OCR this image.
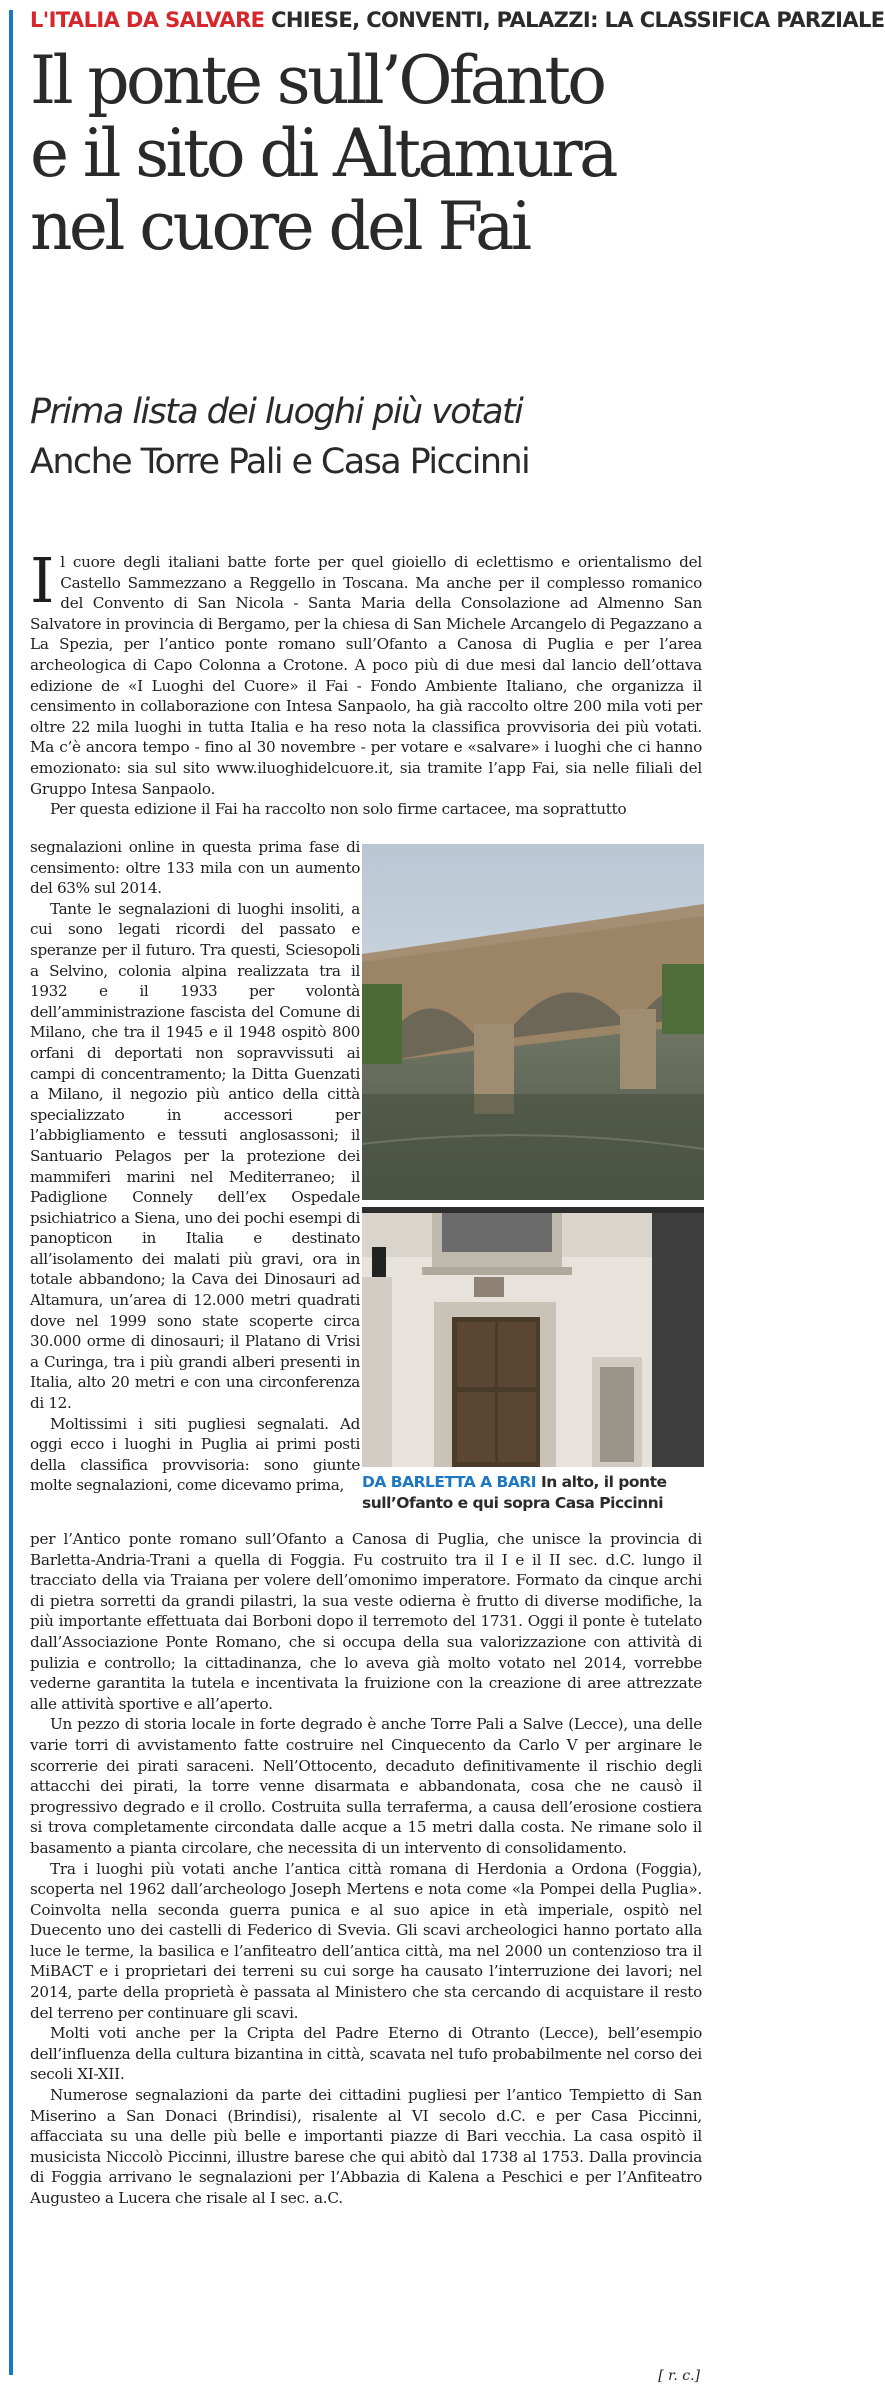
L'ITALIA DA SALVARE CHIESE, CONVENTI, PALAZZI: LA CLASSIFICA PARZIALE
Il ponte sull’Ofanto
e il sito di Altamura
nel cuore del Fai
Prima lista dei luoghi più votati
Anche Torre Pali e Casa Piccinni

Il cuore degli italiani batte forte per quel gioiello di eclettismo e orientalismo del Castello Sammezzano a Reggello in Toscana. Ma anche per il complesso romanico del Convento di San Nicola - Santa Maria della Consolazione ad Almenno San Salvatore in provincia di Bergamo, per la chiesa di San Michele Arcangelo di Pegazzano a La Spezia, per l’antico ponte romano sull’Ofanto a Canosa di Puglia e per l’area archeologica di Capo Colonna a Crotone. A poco più di due mesi dal lancio dell’ottava edizione de «I Luoghi del Cuore» il Fai - Fondo Ambiente Italiano, che organizza il censimento in collaborazione con Intesa Sanpaolo, ha già raccolto oltre 200 mila voti per oltre 22 mila luoghi in tutta Italia e ha reso nota la classifica provvisoria dei più votati. Ma c’è ancora tempo - fino al 30 novembre - per votare e «salvare» i luoghi che ci hanno emozionato: sia sul sito www.iluoghidelcuore.it, sia tramite l’app Fai, sia nelle filiali del Gruppo Intesa Sanpaolo.

Per questa edizione il Fai ha raccolto non solo firme cartacee, ma soprattutto

segnalazioni online in questa prima fase di censimento: oltre 133 mila con un aumento del 63% sul 2014.

Tante le segnalazioni di luoghi insoliti, a cui sono legati ricordi del passato e speranze per il futuro. Tra questi, Sciesopoli a Selvino, colonia alpina realizzata tra il 1932 e il 1933 per volontà dell’amministrazione fascista del Comune di Milano, che tra il 1945 e il 1948 ospitò 800 orfani di deportati non sopravvissuti ai campi di concentramento; la Ditta Guenzati a Milano, il negozio più antico della città specializzato in accessori per l’abbigliamento e tessuti anglosassoni; il Santuario Pelagos per la protezione dei mammiferi marini nel Mediterraneo; il Padiglione Connely dell’ex Ospedale psichiatrico a Siena, uno dei pochi esempi di panopticon in Italia e destinato all’isolamento dei malati più gravi, ora in totale abbandono; la Cava dei Dinosauri ad Altamura, un’area di 12.000 metri quadrati dove nel 1999 sono state scoperte circa 30.000 orme di dinosauri; il Platano di Vrisi a Curinga, tra i più grandi alberi presenti in Italia, alto 20 metri e con una circonferenza di 12.

Moltissimi i siti pugliesi segnalati. Ad oggi ecco i luoghi in Puglia ai primi posti della classifica provvisoria: sono giunte molte segnalazioni, come dicevamo prima,	DA BARLETTA A BARI In alto, il ponte sull’Ofanto e qui sopra Casa Piccinni

per l’Antico ponte romano sull’Ofanto a Canosa di Puglia, che unisce la provincia di Barletta-Andria-Trani a quella di Foggia. Fu costruito tra il I e il II sec. d.C. lungo il tracciato della via Traiana per volere dell’omonimo imperatore. Formato da cinque archi di pietra sorretti da grandi pilastri, la sua veste odierna è frutto di diverse modifiche, la più importante effettuata dai Borboni dopo il terremoto del 1731. Oggi il ponte è tutelato dall’Associazione Ponte Romano, che si occupa della sua valorizzazione con attività di pulizia e controllo; la cittadinanza, che lo aveva già molto votato nel 2014, vorrebbe vederne garantita la tutela e incentivata la fruizione con la creazione di aree attrezzate alle attività sportive e all’aperto.

Un pezzo di storia locale in forte degrado è anche Torre Pali a Salve (Lecce), una delle varie torri di avvistamento fatte costruire nel Cinquecento da Carlo V per arginare le scorrerie dei pirati saraceni. Nell’Ottocento, decaduto definitivamente il rischio degli attacchi dei pirati, la torre venne disarmata e abbandonata, cosa che ne causò il progressivo degrado e il crollo. Costruita sulla terraferma, a causa dell’erosione costiera si trova completamente circondata dalle acque a 15 metri dalla costa. Ne rimane solo il basamento a pianta circolare, che necessita di un intervento di consolidamento.

Tra i luoghi più votati anche l’antica città romana di Herdonia a Ordona (Foggia), scoperta nel 1962 dall’archeologo Joseph Mertens e nota come «la Pompei della Puglia». Coinvolta nella seconda guerra punica e al suo apice in età imperiale, ospitò nel Duecento uno dei castelli di Federico di Svevia. Gli scavi archeologici hanno portato alla luce le terme, la basilica e l’anfiteatro dell’antica città, ma nel 2000 un contenzioso tra il MiBACT e i proprietari dei terreni su cui sorge ha causato l’interruzione dei lavori; nel 2014, parte della proprietà è passata al Ministero che sta cercando di acquistare il resto del terreno per continuare gli scavi.

Molti voti anche per la Cripta del Padre Eterno di Otranto (Lecce), bell’esempio dell’influenza della cultura bizantina in città, scavata nel tufo probabilmente nel corso dei secoli XI-XII.

Numerose segnalazioni da parte dei cittadini pugliesi per l’antico Tempietto di San Miserino a San Donaci (Brindisi), risalente al VI secolo d.C. e per Casa Piccinni, affacciata su una delle più belle e importanti piazze di Bari vecchia. La casa ospitò il musicista Niccolò Piccinni, illustre barese che qui abitò dal 1738 al 1753. Dalla provincia di Foggia arrivano le segnalazioni per l’Abbazia di Kalena a Peschici e per l’Anfiteatro Augusteo a Lucera che risale al I sec. a.C.

[ r. c.]
